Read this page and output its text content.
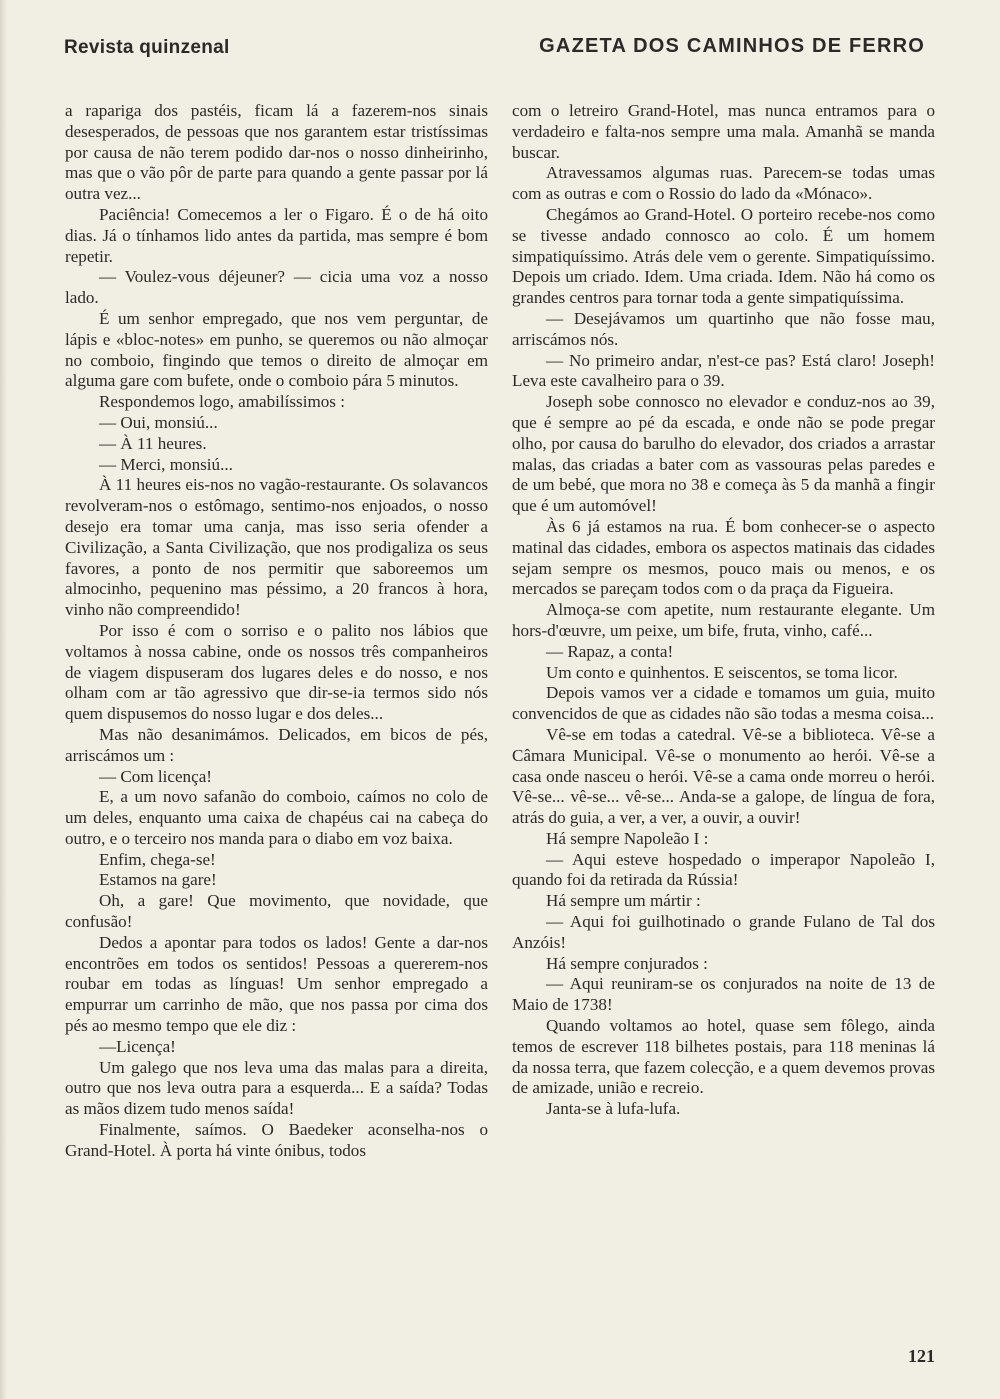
Revista quinzenal	GAZETA DOS CAMINHOS DE FERRO

a rapariga dos pastéis, ficam lá a fazerem-nos sinais desesperados, de pessoas que nos garantem estar tristíssimas por causa de não terem podido dar-nos o nosso dinheirinho, mas que o vão pôr de parte para quando a gente passar por lá outra vez...

Paciência! Comecemos a ler o Figaro. É o de há oito dias. Já o tínhamos lido antes da partida, mas sempre é bom repetir.

— Voulez-vous déjeuner? — cicia uma voz a nosso lado.

É um senhor empregado, que nos vem perguntar, de lápis e «bloc-notes» em punho, se queremos ou não almoçar no comboio, fingindo que temos o direito de almoçar em alguma gare com bufete, onde o comboio pára 5 minutos.

Respondemos logo, amabilíssimos :

— Oui, monsiú...

— À 11 heures.

— Merci, monsiú...

À 11 heures eis-nos no vagão-restaurante. Os solavancos revolveram-nos o estômago, sentimo-nos enjoados, o nosso desejo era tomar uma canja, mas isso seria ofender a Civilização, a Santa Civilização, que nos prodigaliza os seus favores, a ponto de nos permitir que saboreemos um almocinho, pequenino mas péssimo, a 20 francos à hora, vinho não compreendido!

Por isso é com o sorriso e o palito nos lábios que voltamos à nossa cabine, onde os nossos três companheiros de viagem dispuseram dos lugares deles e do nosso, e nos olham com ar tão agressivo que dir-se-ia termos sido nós quem dispusemos do nosso lugar e dos deles...

Mas não desanimámos. Delicados, em bicos de pés, arriscámos um :

— Com licença!

E, a um novo safanão do comboio, caímos no colo de um deles, enquanto uma caixa de chapéus cai na cabeça do outro, e o terceiro nos manda para o diabo em voz baixa.

Enfim, chega-se!

Estamos na gare!

Oh, a gare! Que movimento, que novidade, que confusão!

Dedos a apontar para todos os lados! Gente a dar-nos encontrões em todos os sentidos! Pessoas a quererem-nos roubar em todas as línguas! Um senhor empregado a empurrar um carrinho de mão, que nos passa por cima dos pés ao mesmo tempo que ele diz :

—Licença!

Um galego que nos leva uma das malas para a direita, outro que nos leva outra para a esquerda... E a saída? Todas as mãos dizem tudo menos saída!

Finalmente, saímos. O Baedeker aconselha-nos o Grand-Hotel. À porta há vinte ónibus, todos

com o letreiro Grand-Hotel, mas nunca entramos para o verdadeiro e falta-nos sempre uma mala. Amanhã se manda buscar.

Atravessamos algumas ruas. Parecem-se todas umas com as outras e com o Rossio do lado da «Mónaco».

Chegámos ao Grand-Hotel. O porteiro recebe-nos como se tivesse andado connosco ao colo. É um homem simpatiquíssimo. Atrás dele vem o gerente. Simpatiquíssimo. Depois um criado. Idem. Uma criada. Idem. Não há como os grandes centros para tornar toda a gente simpatiquíssima.

— Desejávamos um quartinho que não fosse mau, arriscámos nós.

— No primeiro andar, n'est-ce pas? Está claro! Joseph! Leva este cavalheiro para o 39.

Joseph sobe connosco no elevador e conduz-nos ao 39, que é sempre ao pé da escada, e onde não se pode pregar olho, por causa do barulho do elevador, dos criados a arrastar malas, das criadas a bater com as vassouras pelas paredes e de um bebé, que mora no 38 e começa às 5 da manhã a fingir que é um automóvel!

Às 6 já estamos na rua. É bom conhecer-se o aspecto matinal das cidades, embora os aspectos matinais das cidades sejam sempre os mesmos, pouco mais ou menos, e os mercados se pareçam todos com o da praça da Figueira.

Almoça-se com apetite, num restaurante elegante. Um hors-d'œuvre, um peixe, um bife, fruta, vinho, café...

— Rapaz, a conta!

Um conto e quinhentos. E seiscentos, se toma licor.

Depois vamos ver a cidade e tomamos um guia, muito convencidos de que as cidades não são todas a mesma coisa...

Vê-se em todas a catedral. Vê-se a biblioteca. Vê-se a Câmara Municipal. Vê-se o monumento ao herói. Vê-se a casa onde nasceu o herói. Vê-se a cama onde morreu o herói. Vê-se... vê-se... vê-se... Anda-se a galope, de língua de fora, atrás do guia, a ver, a ver, a ouvir, a ouvir!

Há sempre Napoleão I :

— Aqui esteve hospedado o imperapor Napoleão I, quando foi da retirada da Rússia!

Há sempre um mártir :

— Aqui foi guilhotinado o grande Fulano de Tal dos Anzóis!

Há sempre conjurados :

— Aqui reuniram-se os conjurados na noite de 13 de Maio de 1738!

Quando voltamos ao hotel, quase sem fôlego, ainda temos de escrever 118 bilhetes postais, para 118 meninas lá da nossa terra, que fazem colecção, e a quem devemos provas de amizade, união e recreio.

Janta-se à lufa-lufa.

121
